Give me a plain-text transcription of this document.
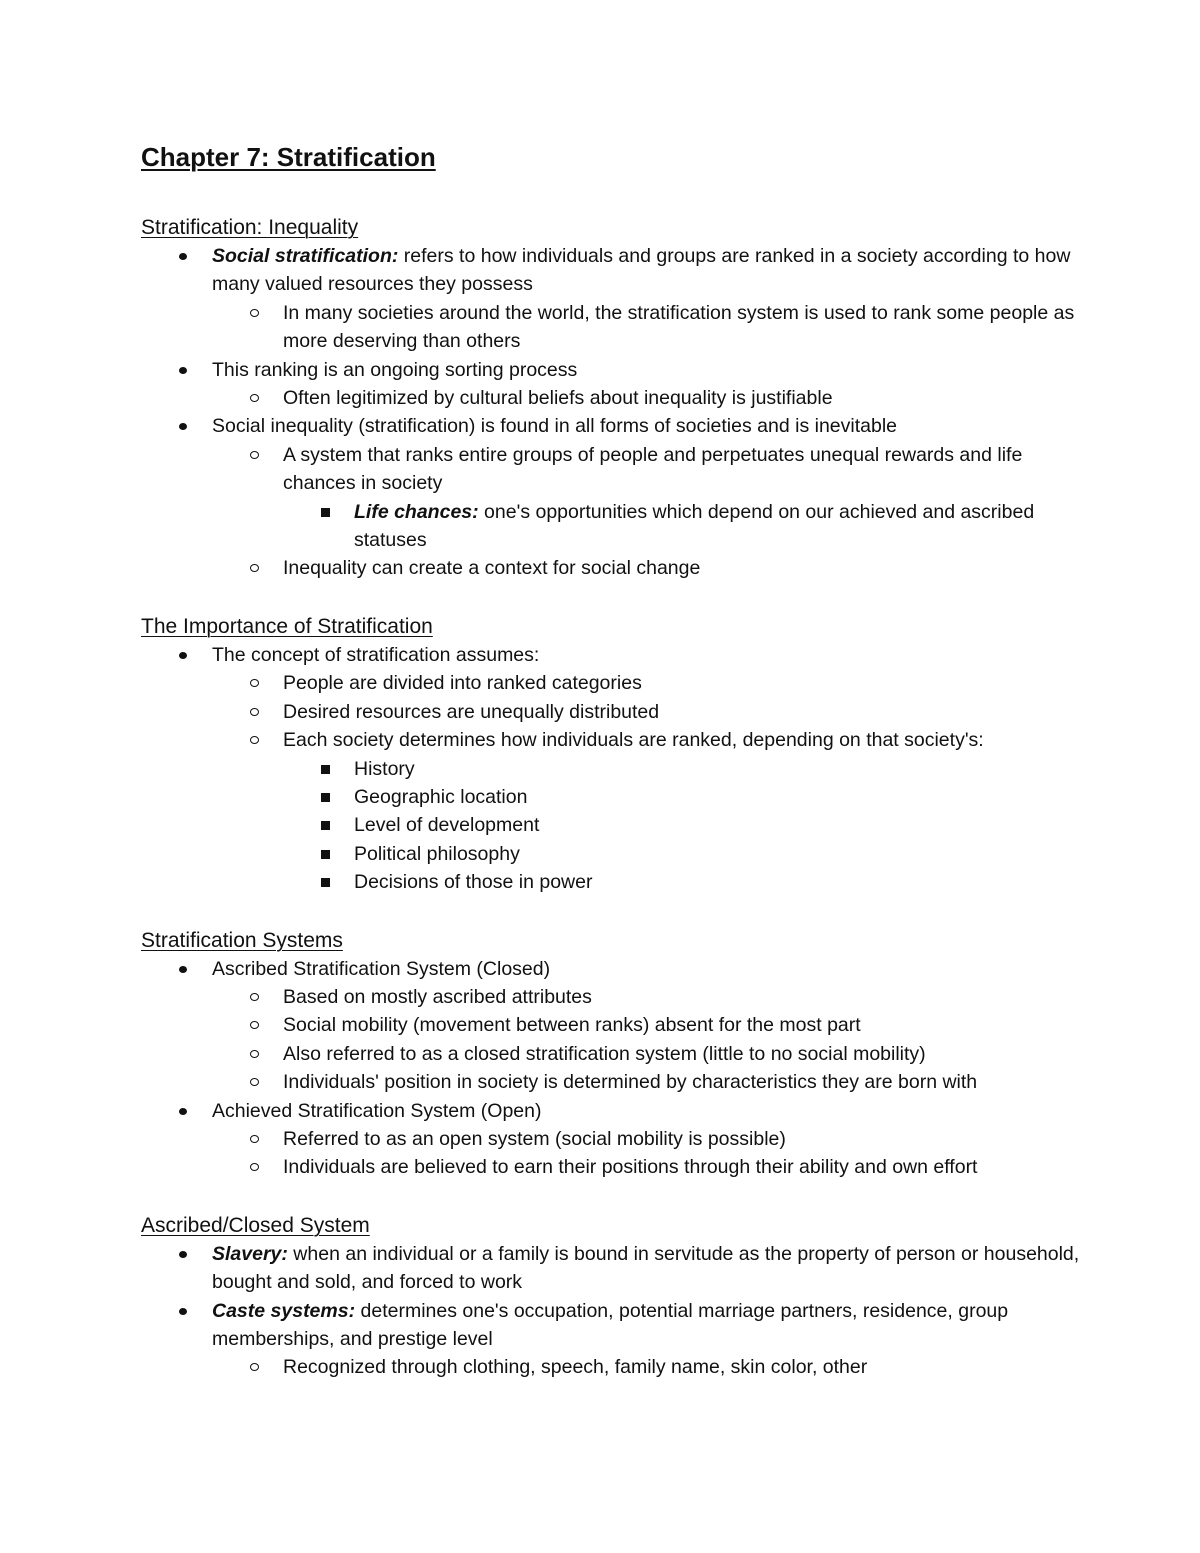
Chapter 7: Stratification
Stratification: Inequality
Social stratification: refers to how individuals and groups are ranked in a society according to how many valued resources they possess
In many societies around the world, the stratification system is used to rank some people as more deserving than others
This ranking is an ongoing sorting process
Often legitimized by cultural beliefs about inequality is justifiable
Social inequality (stratification) is found in all forms of societies and is inevitable
A system that ranks entire groups of people and perpetuates unequal rewards and life chances in society
Life chances: one's opportunities which depend on our achieved and ascribed statuses
Inequality can create a context for social change
The Importance of Stratification
The concept of stratification assumes:
People are divided into ranked categories
Desired resources are unequally distributed
Each society determines how individuals are ranked, depending on that society's:
History
Geographic location
Level of development
Political philosophy
Decisions of those in power
Stratification Systems
Ascribed Stratification System (Closed)
Based on mostly ascribed attributes
Social mobility (movement between ranks) absent for the most part
Also referred to as a closed stratification system (little to no social mobility)
Individuals' position in society is determined by characteristics they are born with
Achieved Stratification System (Open)
Referred to as an open system (social mobility is possible)
Individuals are believed to earn their positions through their ability and own effort
Ascribed/Closed System
Slavery: when an individual or a family is bound in servitude as the property of person or household, bought and sold, and forced to work
Caste systems: determines one's occupation, potential marriage partners, residence, group memberships, and prestige level
Recognized through clothing, speech, family name, skin color, other
